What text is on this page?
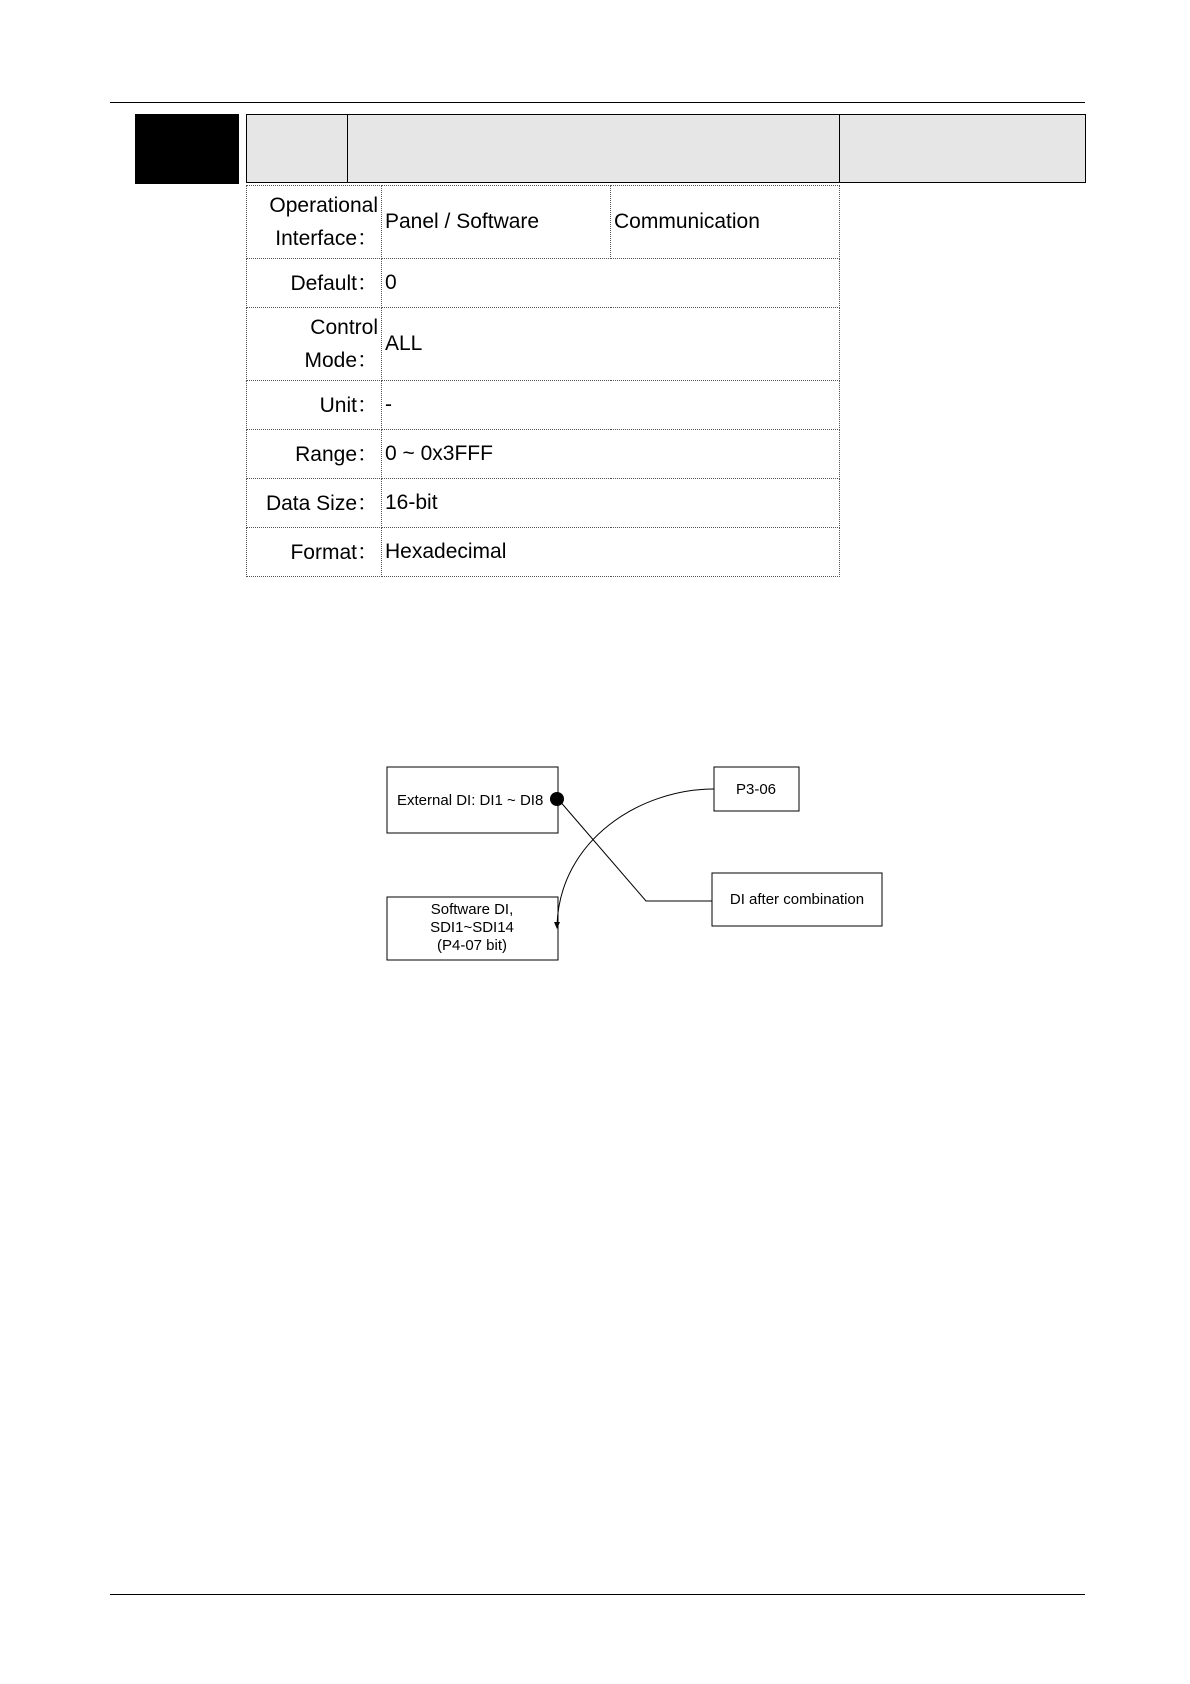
Operational
Interface：	Panel / Software	Communication
Default：	0	
Control
Mode：	ALL	
Unit：	-	
Range：	0 ~ 0x3FFF	
Data Size：	16-bit	
Format：	Hexadecimal	
External DI: DI1 ~ DI8
P3-06
DI after combination
Software DI,
SDI1~SDI14
(P4-07 bit)
